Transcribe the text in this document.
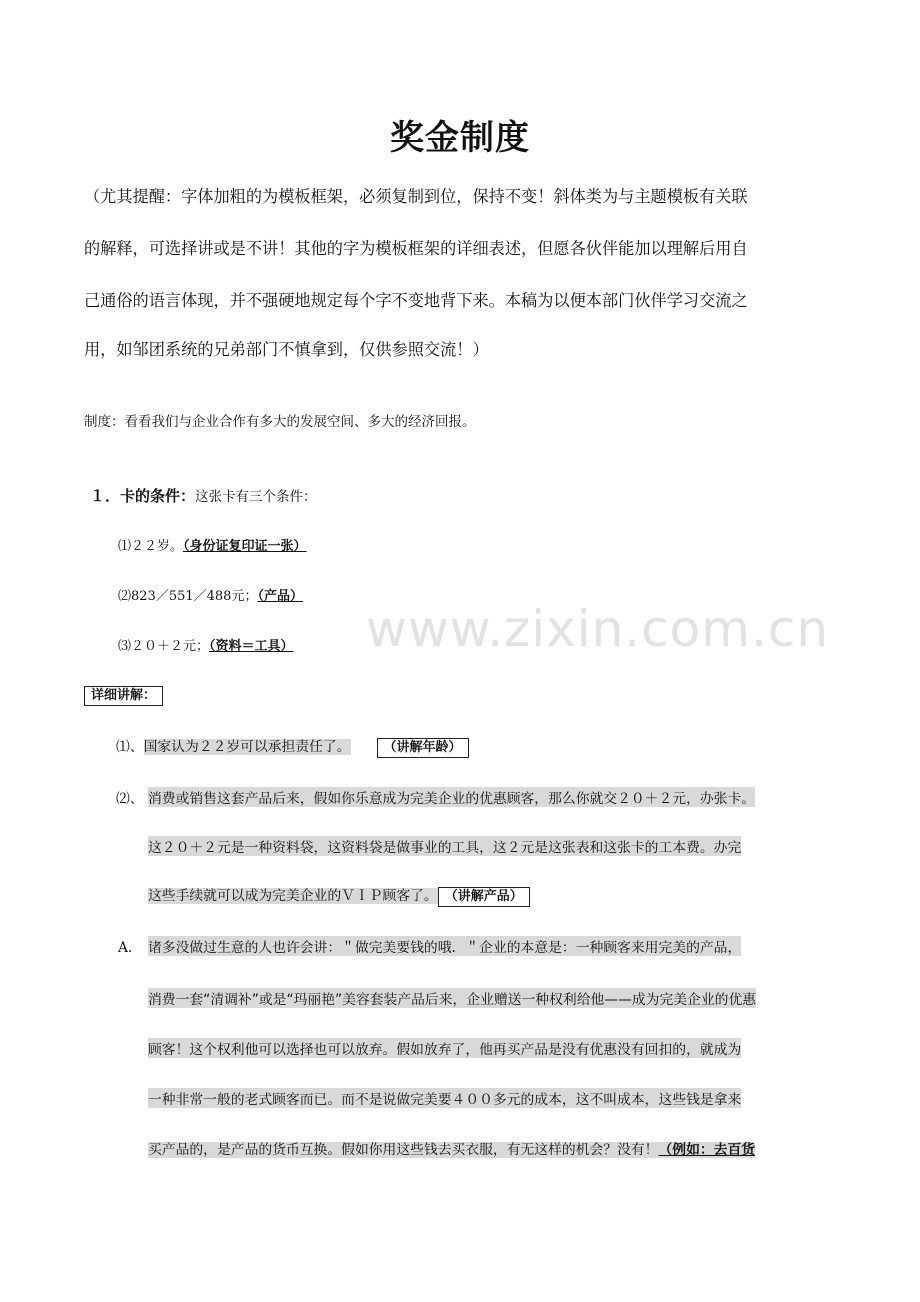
奖金制度
（尤其提醒：字体加粗的为模板框架，必须复制到位，保持不变！斜体类为与主题模板有关联
的解释，可选择讲或是不讲！其他的字为模板框架的详细表述，但愿各伙伴能加以理解后用自
己通俗的语言体现，并不强硬地规定每个字不变地背下来。本稿为以便本部门伙伴学习交流之
用，如邹团系统的兄弟部门不慎拿到，仅供参照交流！）
制度：看看我们与企业合作有多大的发展空间、多大的经济回报。
１．卡的条件：这张卡有三个条件：
⑴２２岁。（身份证复印证一张）
⑵823／551／488元；（产品）
⑶２０＋２元；（资料＝工具）
详细讲解：
⑴、国家认为２２岁可以承担责任了。	（讲解年龄）
⑵、 消费或销售这套产品后来，假如你乐意成为完美企业的优惠顾客，那么你就交２０＋２元，办张卡。
这２０＋２元是一种资料袋，这资料袋是做事业的工具，这２元是这张表和这张卡的工本费。办完
这些手续就可以成为完美企业的ＶＩＰ顾客了。 （讲解产品）
A． 诸多没做过生意的人也许会讲：＂做完美要钱的哦．＂企业的本意是：一种顾客来用完美的产品，
消费一套“清调补”或是“玛丽艳”美容套装产品后来，企业赠送一种权利给他——成为完美企业的优惠
顾客！这个权利他可以选择也可以放弃。假如放弃了，他再买产品是没有优惠没有回扣的，就成为
一种非常一般的老式顾客而已。而不是说做完美要４００多元的成本，这不叫成本，这些钱是拿来
买产品的，是产品的货币互换。假如你用这些钱去买衣服，有无这样的机会？没有！（例如：去百货
www.zixin.com.cn
